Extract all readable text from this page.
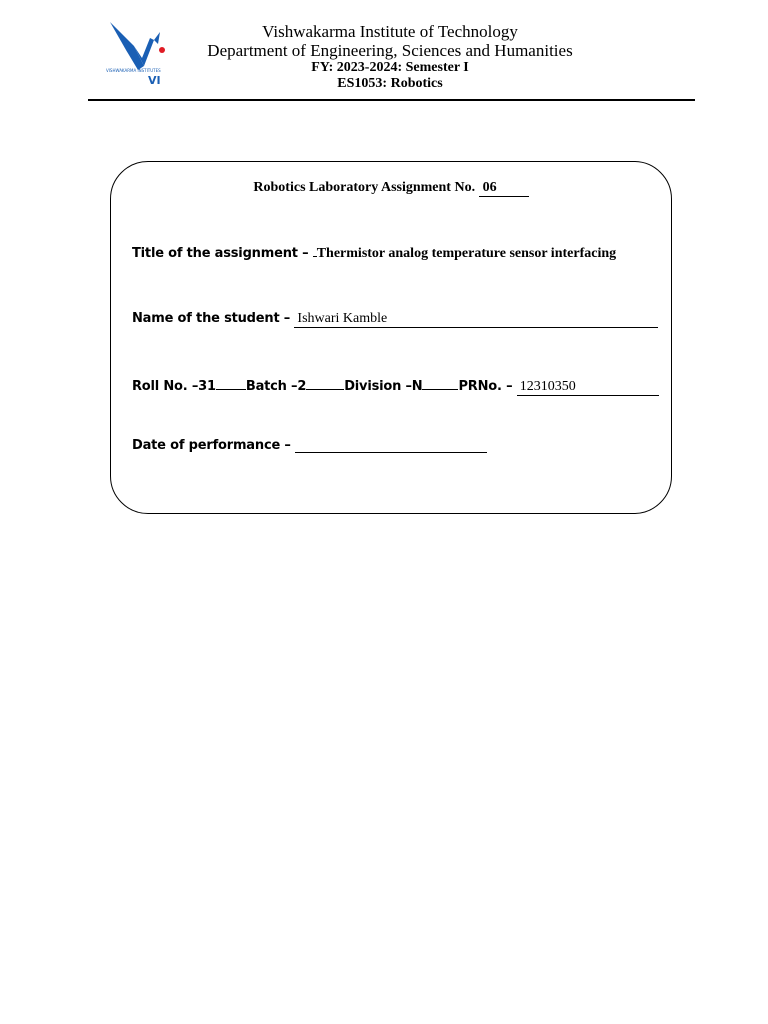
VISHWAKARMA INSTITUTES
VI
Vishwakarma Institute of Technology
Department of Engineering, Sciences and Humanities
FY: 2023-2024: Semester I
ES1053: Robotics
Robotics Laboratory Assignment No. 06
Title of the assignment – Thermistor analog temperature sensor interfacing
Name of the student – Ishwari Kamble
Roll No. –31 Batch –2	Division –N	PRNo. – 12310350
Date of performance –
